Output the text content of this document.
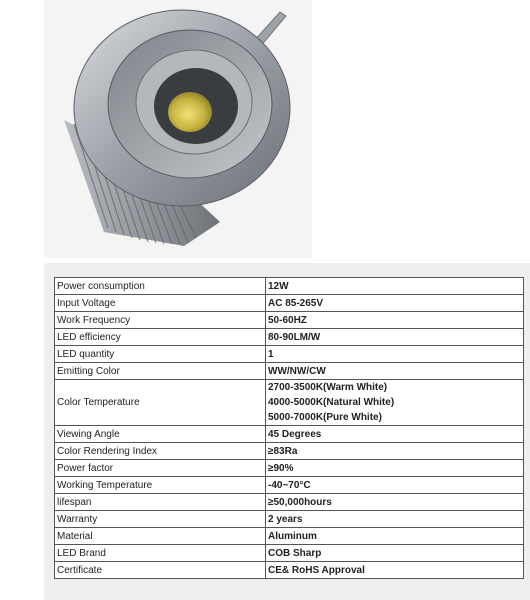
Power consumption	12W

Input Voltage	AC 85-265V

Work Frequency	50-60HZ

LED efficiency	80-90LM/W

LED quantity	1

Emitting Color	WW/NW/CW

Color Temperature	2700-3500K(Warm White)
4000-5000K(Natural White)
5000-7000K(Pure White)

Viewing Angle	45 Degrees

Color Rendering Index	≥83Ra

Power factor	≥90%

Working Temperature	-40~70°C

lifespan	≥50,000hours

Warranty	2 years

Material	Aluminum

LED Brand	COB Sharp

Certificate	CE& RoHS Approval
